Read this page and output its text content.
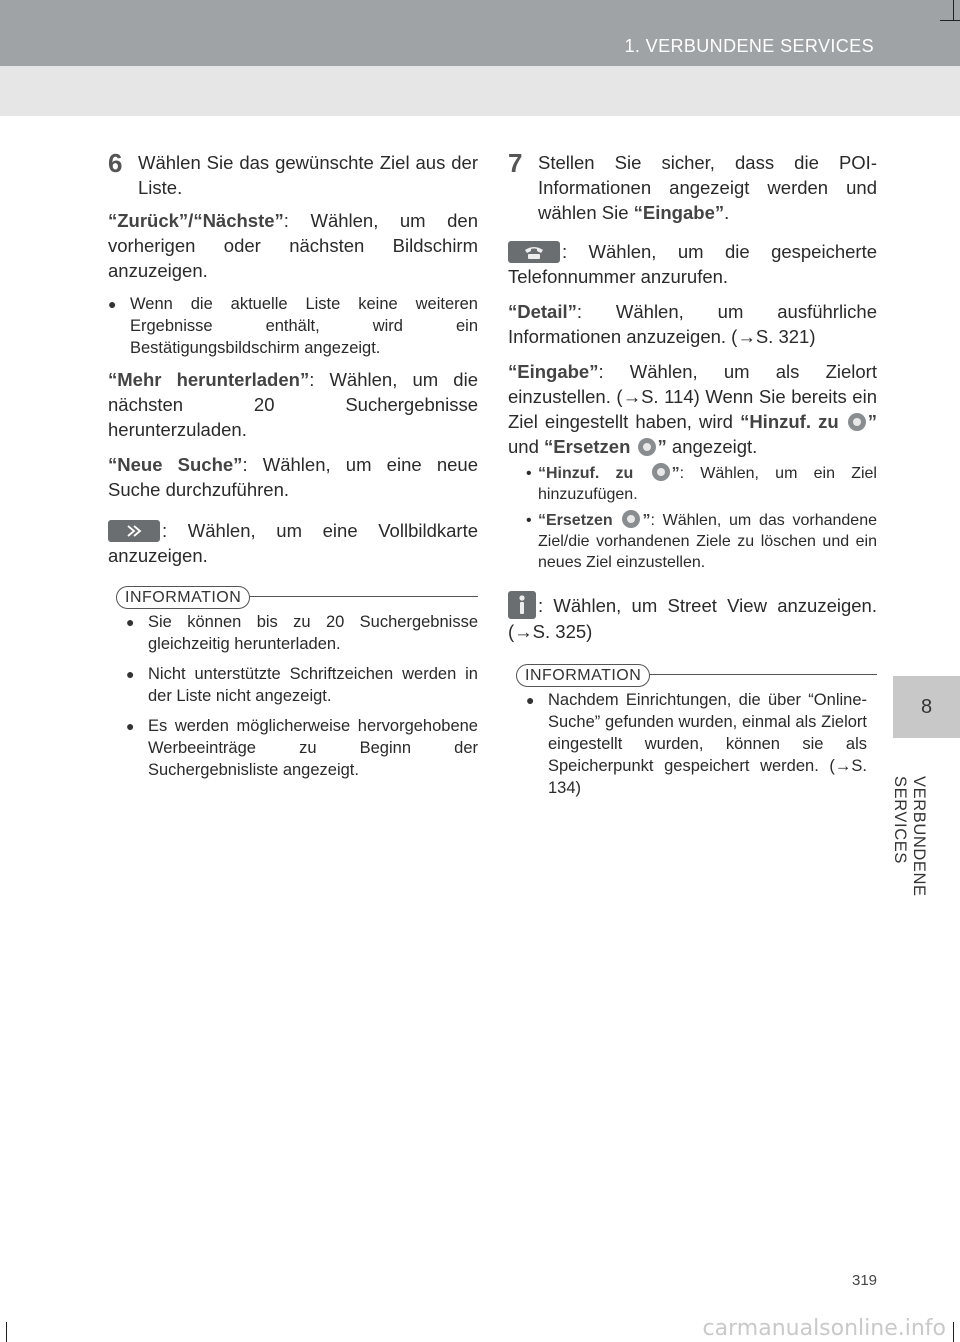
1. VERBUNDENE SERVICES
8
VERBUNDENE SERVICES
6 Wählen Sie das gewünschte Ziel aus der Liste.

“Zurück”/“Nächste”: Wählen, um den vorherigen oder nächsten Bildschirm anzuzeigen.

● Wenn die aktuelle Liste keine weiteren Ergebnisse enthält, wird ein Bestätigungsbildschirm angezeigt.

“Mehr herunterladen”: Wählen, um die nächsten 20 Suchergebnisse herunterzuladen.

“Neue Suche”: Wählen, um eine neue Suche durchzuführen.

: Wählen, um eine Vollbildkarte anzuzeigen.

INFORMATION
● Sie können bis zu 20 Suchergebnisse gleichzeitig herunterladen.
● Nicht unterstützte Schriftzeichen werden in der Liste nicht angezeigt.
● Es werden möglicherweise hervorgehobene Werbeeinträge zu Beginn der Suchergebnisliste angezeigt.
7 Stellen Sie sicher, dass die POI-Informationen angezeigt werden und wählen Sie “Eingabe”.

: Wählen, um die gespeicherte Telefonnummer anzurufen.

“Detail”: Wählen, um ausführliche Informationen anzuzeigen. (→S. 321)

“Eingabe”: Wählen, um als Zielort einzustellen. (→S. 114) Wenn Sie bereits ein Ziel eingestellt haben, wird “Hinzuf. zu ” und “Ersetzen ” angezeigt.

• “Hinzuf. zu ”: Wählen, um ein Ziel hinzuzufügen.
• “Ersetzen ”: Wählen, um das vorhandene Ziel/die vorhandenen Ziele zu löschen und ein neues Ziel einzustellen.

: Wählen, um Street View anzuzeigen. (→S. 325)

INFORMATION
● Nachdem Einrichtungen, die über “Online-Suche” gefunden wurden, einmal als Zielort eingestellt wurden, können sie als Speicherpunkt gespeichert werden. (→S. 134)
319
carmanualsonline.info
